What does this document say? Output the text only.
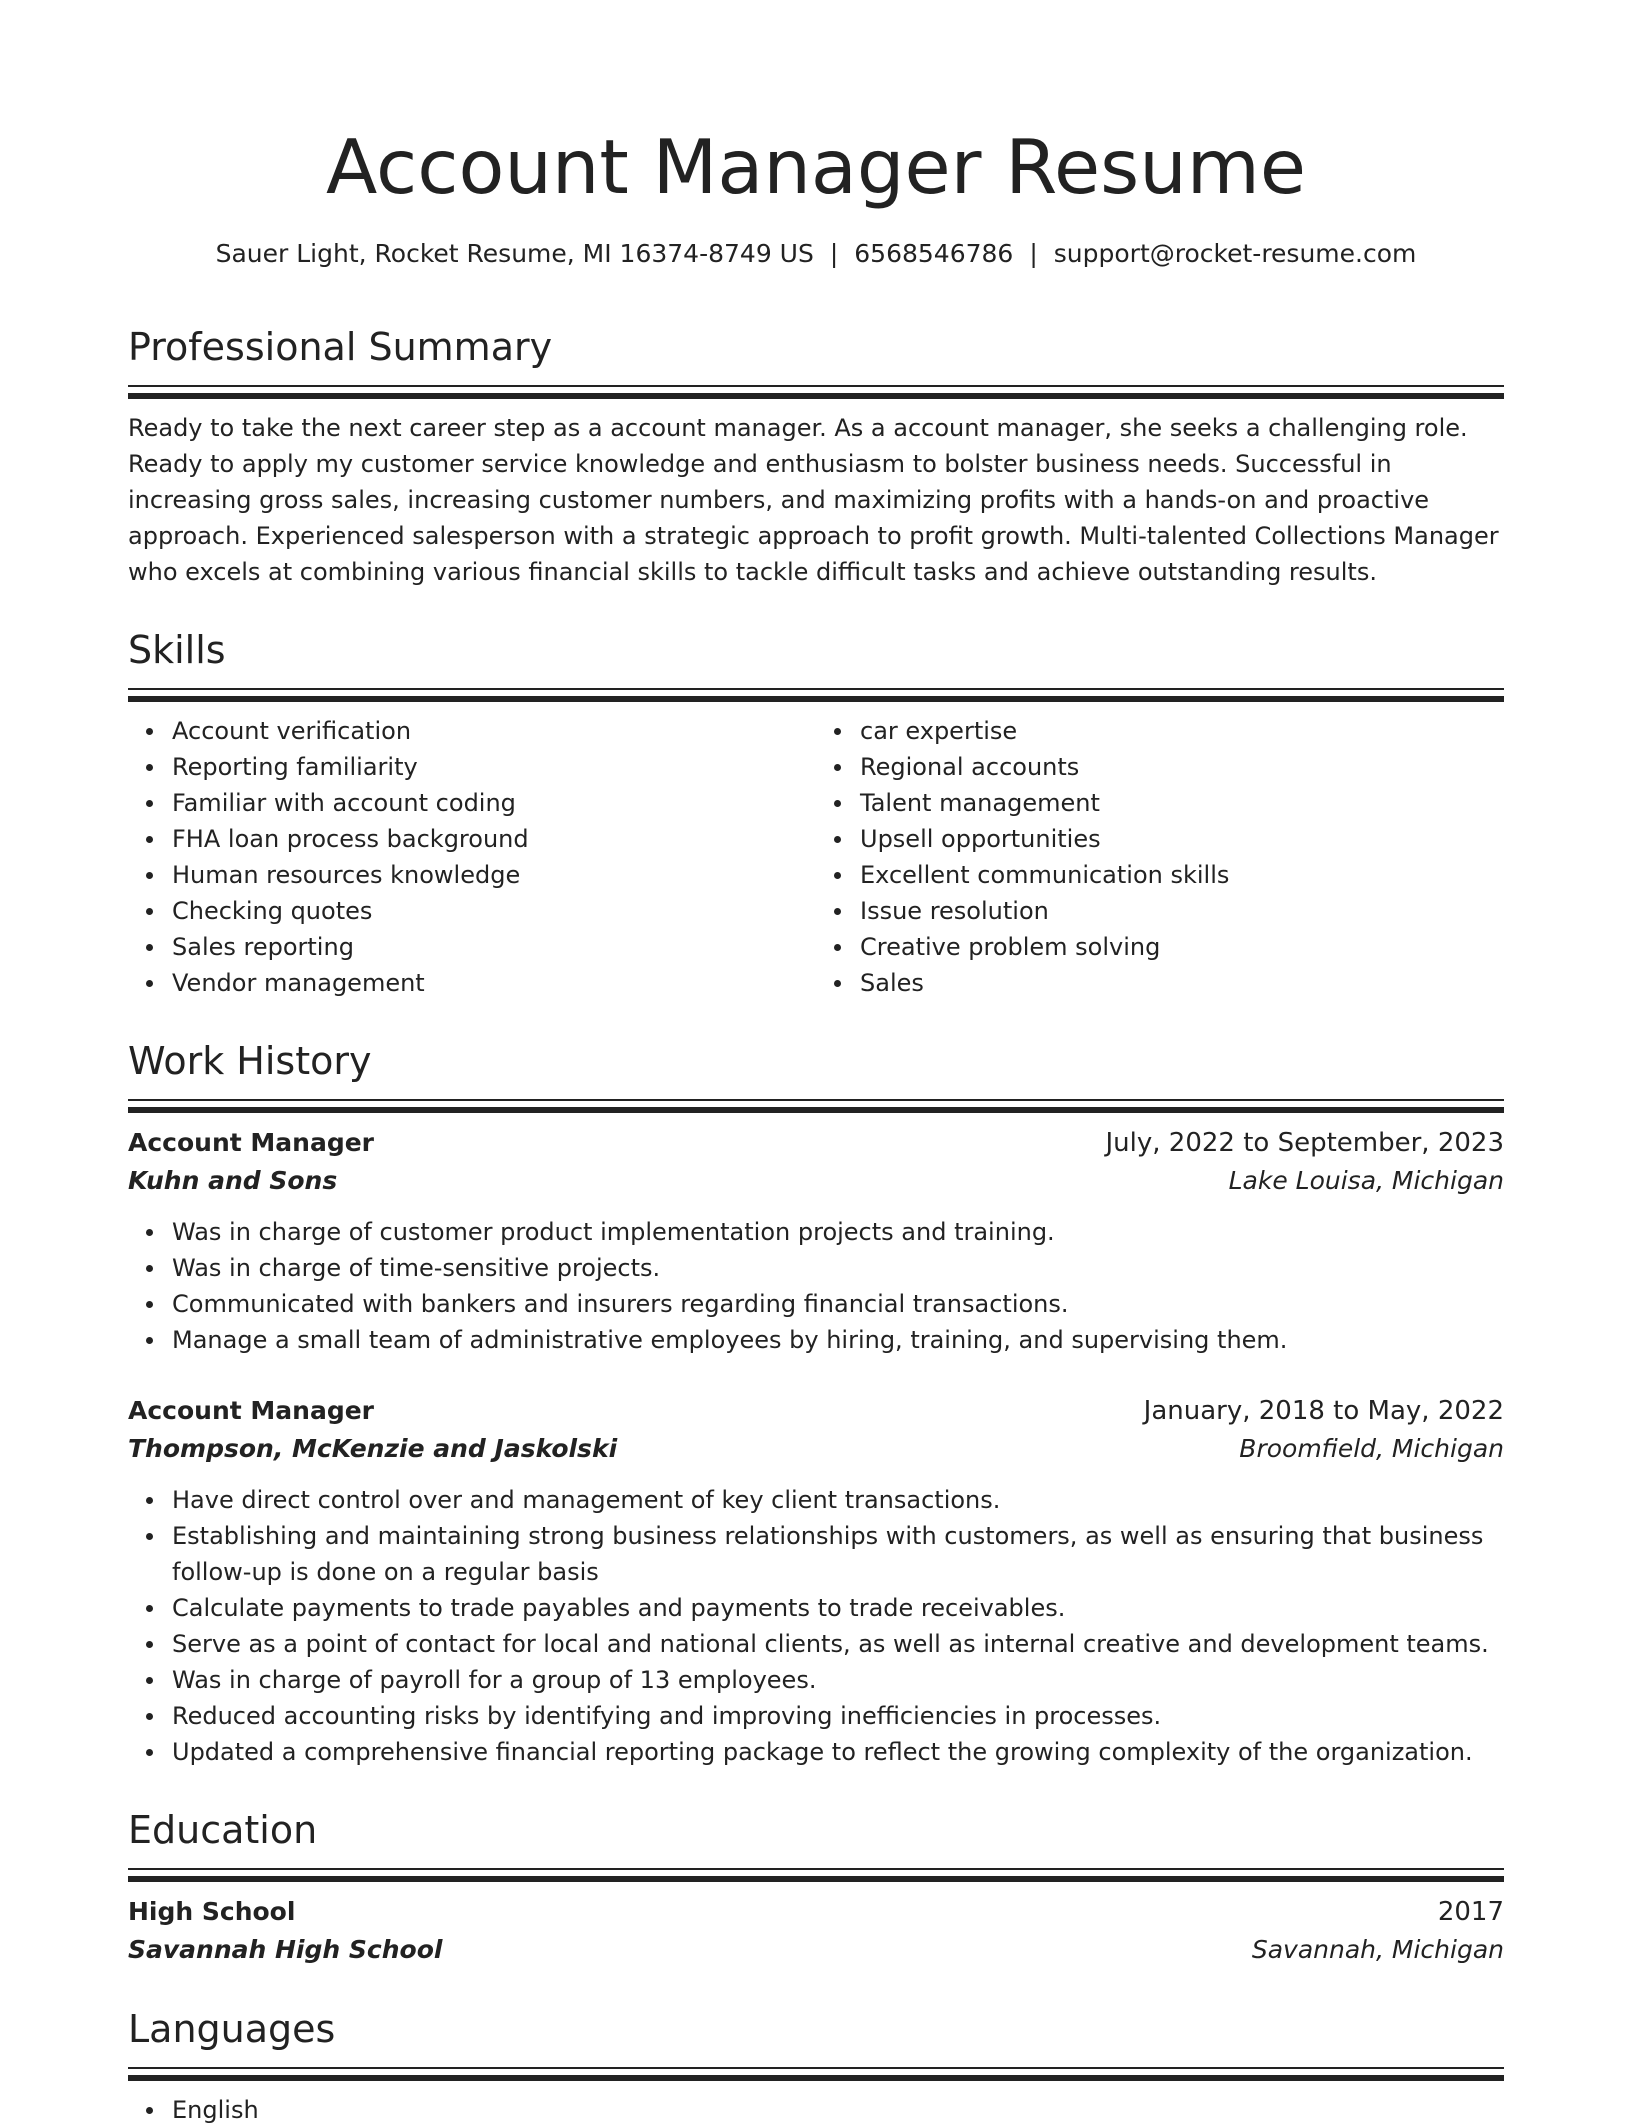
Account Manager Resume
Sauer Light, Rocket Resume, MI 16374-8749 US | 6568546786 | support@rocket-resume.com
Professional Summary

Ready to take the next career step as a account manager. As a account manager, she seeks a challenging role. Ready to apply my customer service knowledge and enthusiasm to bolster business needs. Successful in increasing gross sales, increasing customer numbers, and maximizing profits with a hands-on and proactive approach. Experienced salesperson with a strategic approach to profit growth. Multi-talented Collections Manager who excels at combining various financial skills to tackle difficult tasks and achieve outstanding results.

Skills
Account verification
Reporting familiarity
Familiar with account coding
FHA loan process background
Human resources knowledge
Checking quotes
Sales reporting
Vendor management
car expertise
Regional accounts
Talent management
Upsell opportunities
Excellent communication skills
Issue resolution
Creative problem solving
Sales
Work History
Account Manager	July, 2022 to September, 2023
Kuhn and Sons	Lake Louisa, Michigan
Was in charge of customer product implementation projects and training.
Was in charge of time-sensitive projects.
Communicated with bankers and insurers regarding financial transactions.
Manage a small team of administrative employees by hiring, training, and supervising them.
Account Manager	January, 2018 to May, 2022
Thompson, McKenzie and Jaskolski	Broomfield, Michigan
Have direct control over and management of key client transactions.
Establishing and maintaining strong business relationships with customers, as well as ensuring that business follow-up is done on a regular basis
Calculate payments to trade payables and payments to trade receivables.
Serve as a point of contact for local and national clients, as well as internal creative and development teams.
Was in charge of payroll for a group of 13 employees.
Reduced accounting risks by identifying and improving inefficiencies in processes.
Updated a comprehensive financial reporting package to reflect the growing complexity of the organization.
Education
High School	2017
Savannah High School	Savannah, Michigan
Languages
English
